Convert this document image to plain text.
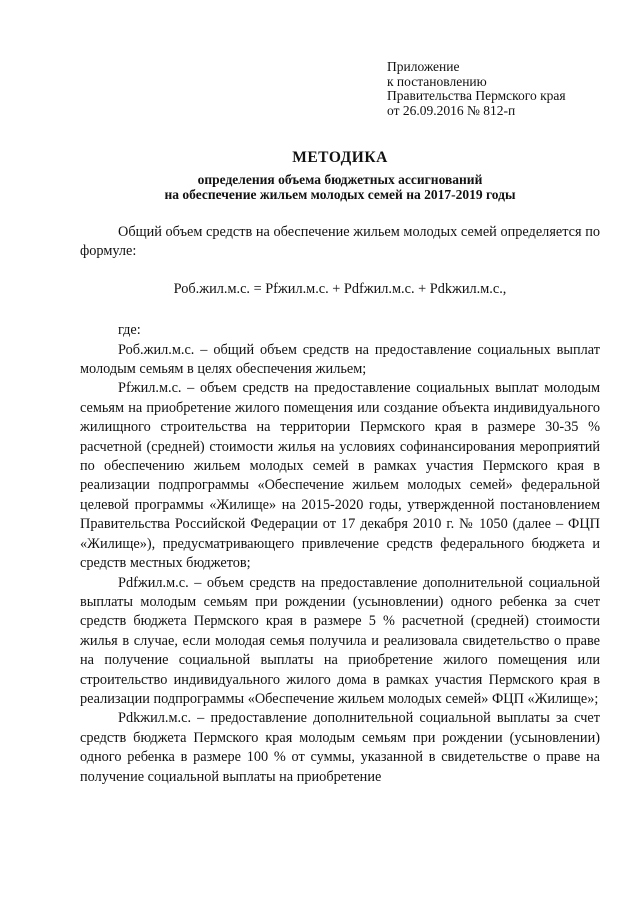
Приложение
к постановлению
Правительства Пермского края
от 26.09.2016 № 812-п
МЕТОДИКА
определения объема бюджетных ассигнований
на обеспечение жильем молодых семей на 2017-2019 годы

Общий объем средств на обеспечение жильем молодых семей определяется по формуле:

Роб.жил.м.с. = Pfжил.м.с. + Pdfжил.м.с. + Pdkжил.м.с.,

где:

Роб.жил.м.с. – общий объем средств на предоставление социальных выплат молодым семьям в целях обеспечения жильем;

Pfжил.м.с. – объем средств на предоставление социальных выплат молодым семьям на приобретение жилого помещения или создание объекта индивидуального жилищного строительства на территории Пермского края в размере 30-35 % расчетной (средней) стоимости жилья на условиях софинансирования мероприятий по обеспечению жильем молодых семей в рамках участия Пермского края в реализации подпрограммы «Обеспечение жильем молодых семей» федеральной целевой программы «Жилище» на 2015-2020 годы, утвержденной постановлением Правительства Российской Федерации от 17 декабря 2010 г. № 1050 (далее – ФЦП «Жилище»), предусматривающего привлечение средств федерального бюджета и средств местных бюджетов;

Pdfжил.м.с. – объем средств на предоставление дополнительной социальной выплаты молодым семьям при рождении (усыновлении) одного ребенка за счет средств бюджета Пермского края в размере 5 % расчетной (средней) стоимости жилья в случае, если молодая семья получила и реализовала свидетельство о праве на получение социальной выплаты на приобретение жилого помещения или строительство индивидуального жилого дома в рамках участия Пермского края в реализации подпрограммы «Обеспечение жильем молодых семей» ФЦП «Жилище»;

Pdkжил.м.с. – предоставление дополнительной социальной выплаты за счет средств бюджета Пермского края молодым семьям при рождении (усыновлении) одного ребенка в размере 100 % от суммы, указанной в свидетельстве о праве на получение социальной выплаты на приобретение
